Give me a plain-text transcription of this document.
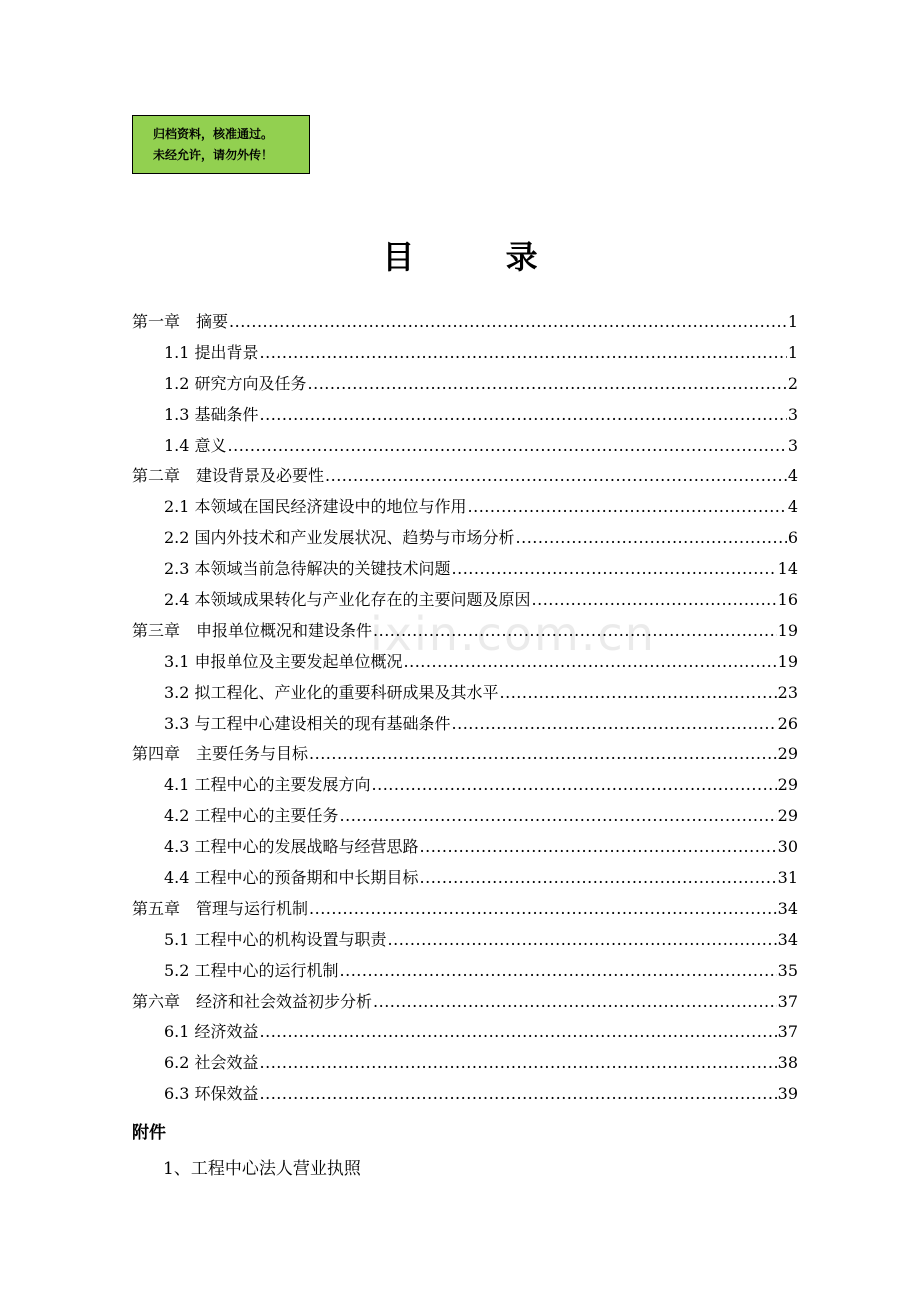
归档资料，核准通过。
未经允许，请勿外传！
目 录
ixin.com.cn
第一章　摘要 .....	1
1.1 提出背景 .....	1
1.2 研究方向及任务 .....	2
1.3 基础条件 .....	3
1.4 意义 .....	3
第二章　建设背景及必要性 .....	4
2.1 本领域在国民经济建设中的地位与作用 .....	4
2.2 国内外技术和产业发展状况、趋势与市场分析 .....	6
2.3 本领域当前急待解决的关键技术问题 .....	14
2.4 本领域成果转化与产业化存在的主要问题及原因 .....	16
第三章　申报单位概况和建设条件 .....	19
3.1 申报单位及主要发起单位概况 .....	19
3.2 拟工程化、产业化的重要科研成果及其水平 .....	23
3.3 与工程中心建设相关的现有基础条件 .....	26
第四章　主要任务与目标 .....	29
4.1 工程中心的主要发展方向 .....	29
4.2 工程中心的主要任务 .....	29
4.3 工程中心的发展战略与经营思路 .....	30
4.4 工程中心的预备期和中长期目标 .....	31
第五章　管理与运行机制 .....	34
5.1 工程中心的机构设置与职责 .....	34
5.2 工程中心的运行机制 .....	35
第六章　经济和社会效益初步分析 .....	37
6.1 经济效益 .....	37
6.2 社会效益 .....	38
6.3 环保效益 .....	39
附件
1、工程中心法人营业执照
